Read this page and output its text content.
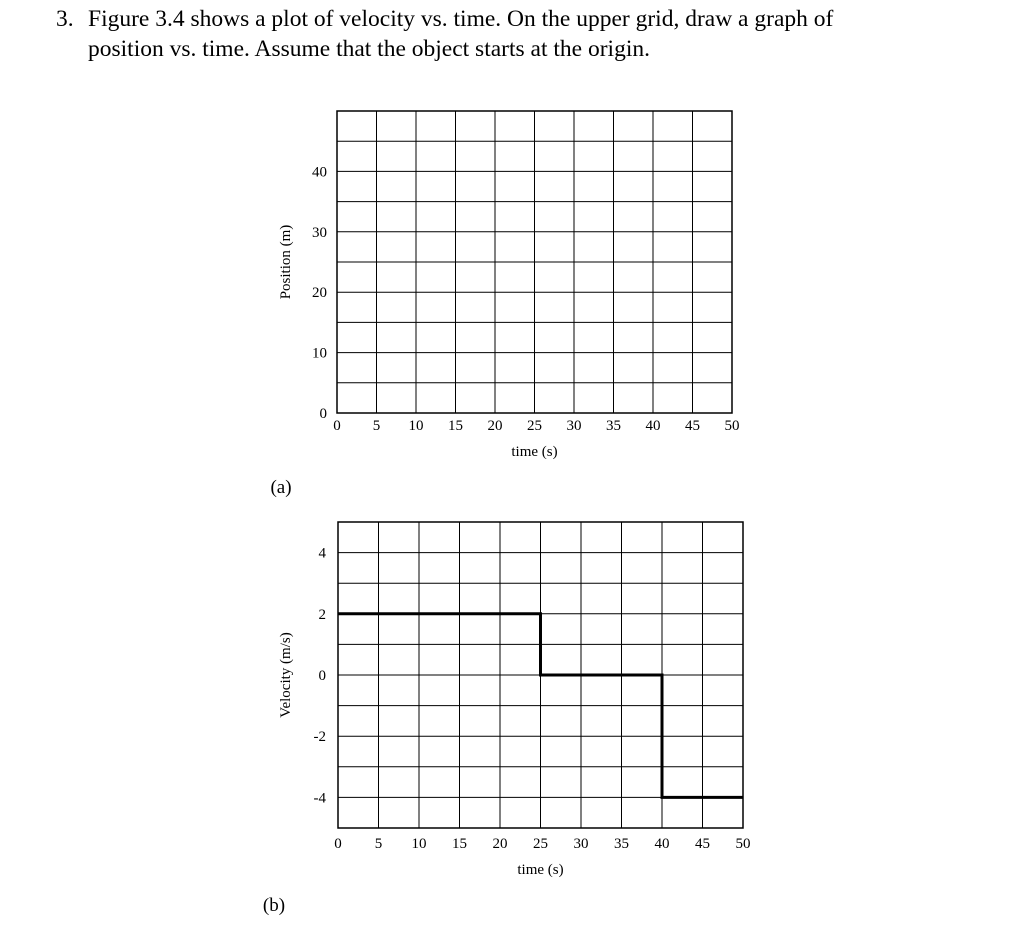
3. Figure 3.4 shows a plot of velocity vs. time. On the upper grid, draw a graph of

position vs. time. Assume that the object starts at the origin.

0 5 10 15 20 25 30 35 40 45 50
0
10
20
30
40
time (s)
Position (m)
(a)
0 5 10 15 20 25 30 35 40 45 50
4
2
0
-2
-4
time (s)
Velocity (m/s)
(b)
